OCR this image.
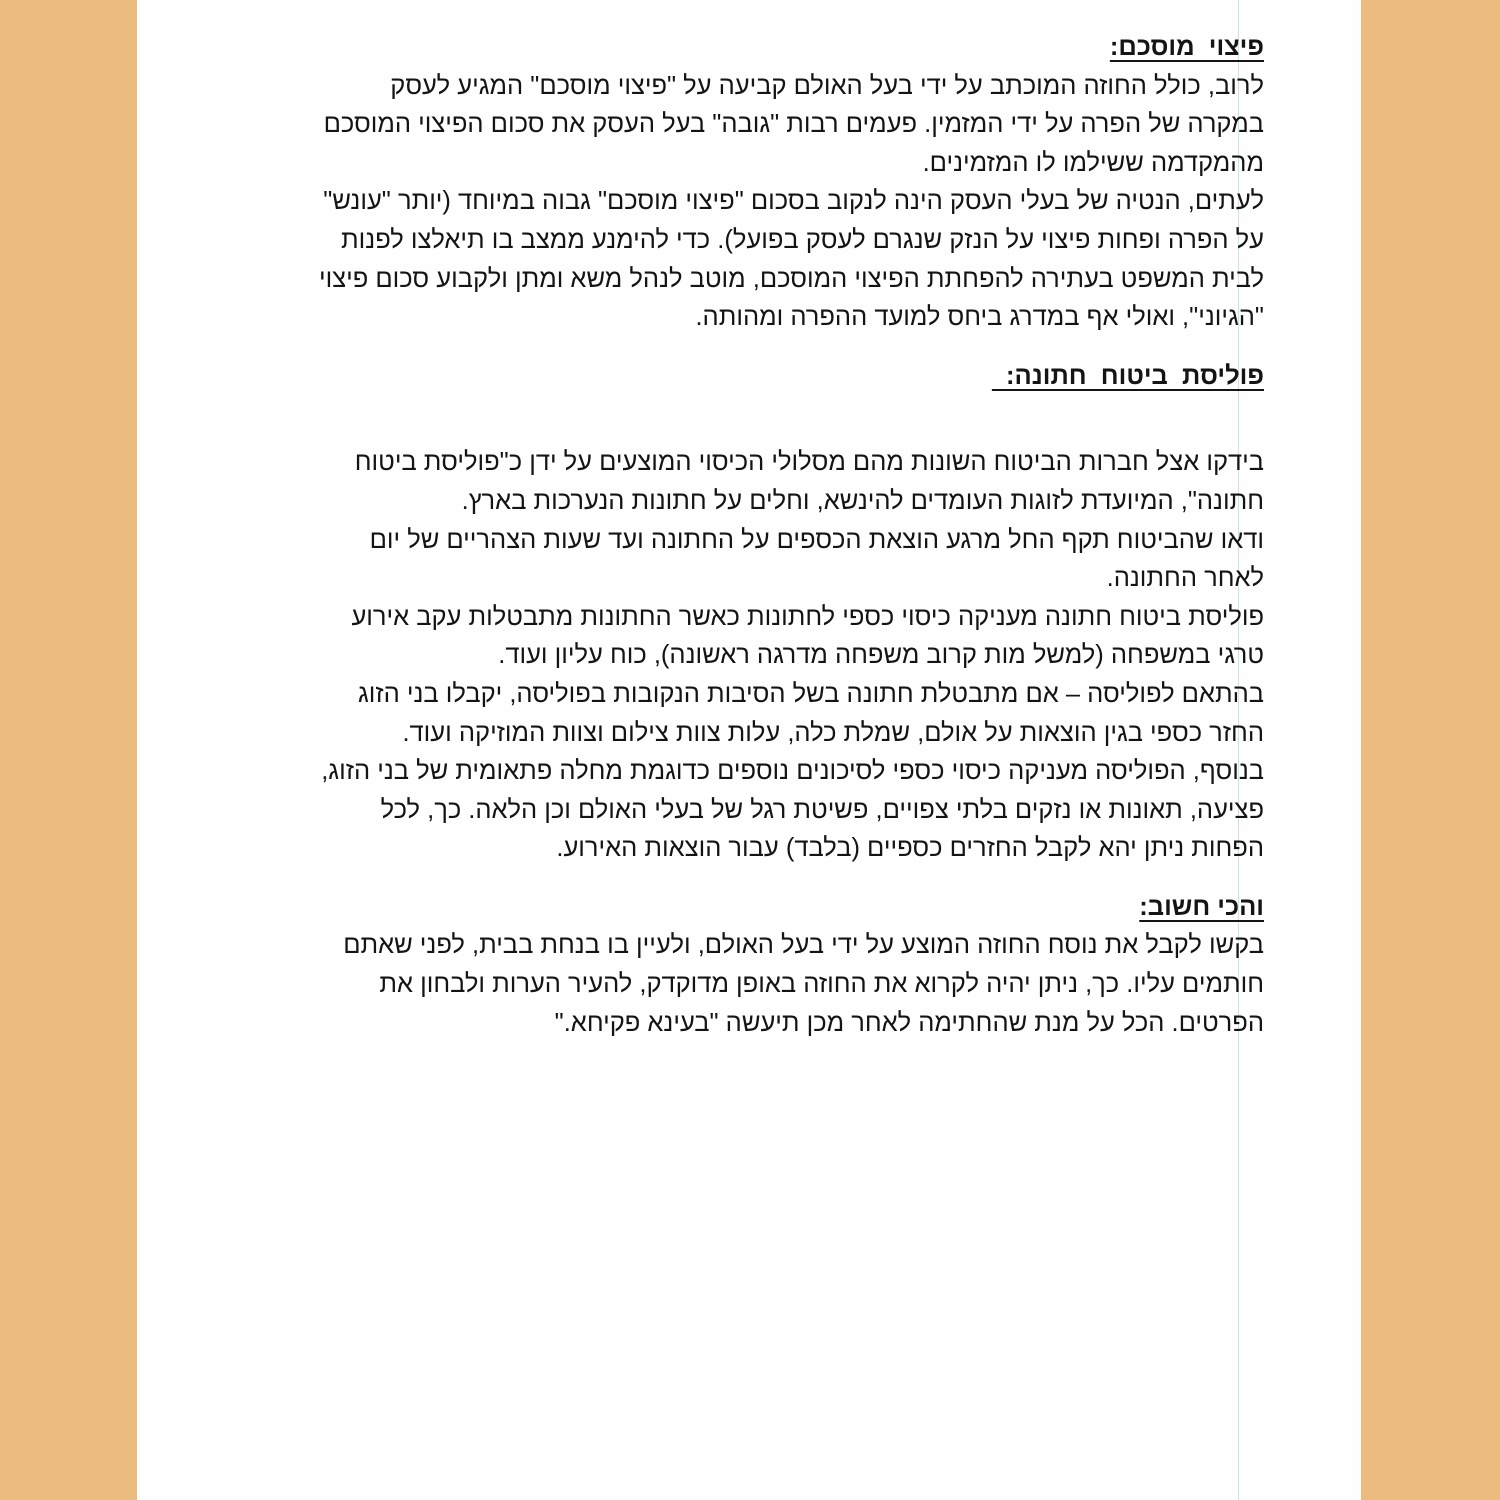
פיצוי  מוסכם:
לרוב, כולל החוזה המוכתב על ידי בעל האולם קביעה על "פיצוי מוסכם" המגיע לעסק
במקרה של הפרה על ידי המזמין. פעמים רבות "גובה" בעל העסק את סכום הפיצוי המוסכם
מהמקדמה ששילמו לו המזמינים.
לעתים, הנטיה של בעלי העסק הינה לנקוב בסכום "פיצוי מוסכם" גבוה במיוחד (יותר "עונש"
על הפרה ופחות פיצוי על הנזק שנגרם לעסק בפועל). כדי להימנע ממצב בו תיאלצו לפנות
לבית המשפט בעתירה להפחתת הפיצוי המוסכם, מוטב לנהל משא ומתן ולקבוע סכום פיצוי
"הגיוני", ואולי אף במדרג ביחס למועד ההפרה ומהותה.
פוליסת  ביטוח  חתונה:
בידקו אצל חברות הביטוח השונות מהם מסלולי הכיסוי המוצעים על ידן כ"פוליסת ביטוח
חתונה", המיועדת לזוגות העומדים להינשא, וחלים על חתונות הנערכות בארץ.
ודאו שהביטוח תקף החל מרגע הוצאת הכספים על החתונה ועד שעות הצהריים של יום
לאחר החתונה.
פוליסת ביטוח חתונה מעניקה כיסוי כספי לחתונות כאשר החתונות מתבטלות עקב אירוע
טרגי במשפחה (למשל מות קרוב משפחה מדרגה ראשונה), כוח עליון ועוד.
בהתאם לפוליסה – אם מתבטלת חתונה בשל הסיבות הנקובות בפוליסה, יקבלו בני הזוג
החזר כספי בגין הוצאות על אולם, שמלת כלה, עלות צוות צילום וצוות המוזיקה ועוד.
בנוסף, הפוליסה מעניקה כיסוי כספי לסיכונים נוספים כדוגמת מחלה פתאומית של בני הזוג,
פציעה, תאונות או נזקים בלתי צפויים, פשיטת רגל של בעלי האולם וכן הלאה. כך, לכל
הפחות ניתן יהא לקבל החזרים כספיים (בלבד) עבור הוצאות האירוע.
והכי חשוב:
בקשו לקבל את נוסח החוזה המוצע על ידי בעל האולם, ולעיין בו בנחת בבית, לפני שאתם
חותמים עליו. כך, ניתן יהיה לקרוא את החוזה באופן מדוקדק, להעיר הערות ולבחון את
הפרטים. הכל על מנת שהחתימה לאחר מכן תיעשה "בעינא פקיחא."
